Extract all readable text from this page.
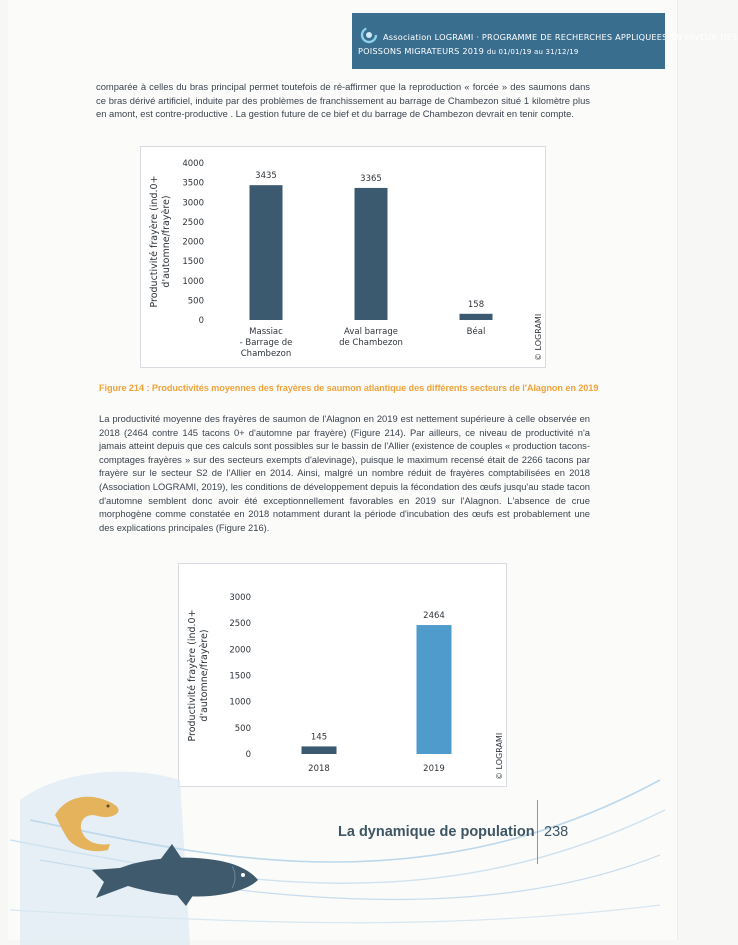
Association LOGRAMI · PROGRAMME DE RECHERCHES APPLIQUEES EN FAVEUR DES
POISSONS MIGRATEURS 2019 du 01/01/19 au 31/12/19
comparée à celles du bras principal permet toutefois de ré-affirmer que la reproduction « forcée » des saumons dans ce bras dérivé artificiel, induite par des problèmes de franchissement au barrage de Chambezon situé 1 kilomètre plus en amont, est contre-productive . La gestion future de ce bief et du barrage de Chambezon devrait en tenir compte.
0
500
1000
1500
2000
2500
3000
3500
4000
Productivité frayère (ind.0+d'automne/frayère)
3435
Massiac
- Barrage de
Chambezon
3365
Aval barrage
de Chambezon
158
Béal	© LOGRAMI
Figure 214 : Productivités moyennes des frayères de saumon atlantique des différents secteurs de l'Alagnon en 2019
La productivité moyenne des frayères de saumon de l'Alagnon en 2019 est nettement supérieure à celle observée en 2018 (2464 contre 145 tacons 0+ d'automne par frayère) (Figure 214). Par ailleurs, ce niveau de productivité n'a jamais atteint depuis que ces calculs sont possibles sur le bassin de l'Allier (existence de couples « production tacons-comptages frayères » sur des secteurs exempts d'alevinage), puisque le maximum recensé était de 2266 tacons par frayère sur le secteur S2 de l'Allier en 2014. Ainsi, malgré un nombre réduit de frayères comptabilisées en 2018 (Association LOGRAMI, 2019), les conditions de développement depuis la fécondation des œufs jusqu'au stade tacon d'automne semblent donc avoir été exceptionnellement favorables en 2019 sur l'Alagnon. L'absence de crue morphogène comme constatée en 2018 notamment durant la période d'incubation des œufs est probablement une des explications principales (Figure 216).
0
500
1000
1500
2000
2500
3000
Productivité frayère (ind.0+d'automne/frayère)
145
2018
2464
2019	© LOGRAMI
La dynamique de population 238
